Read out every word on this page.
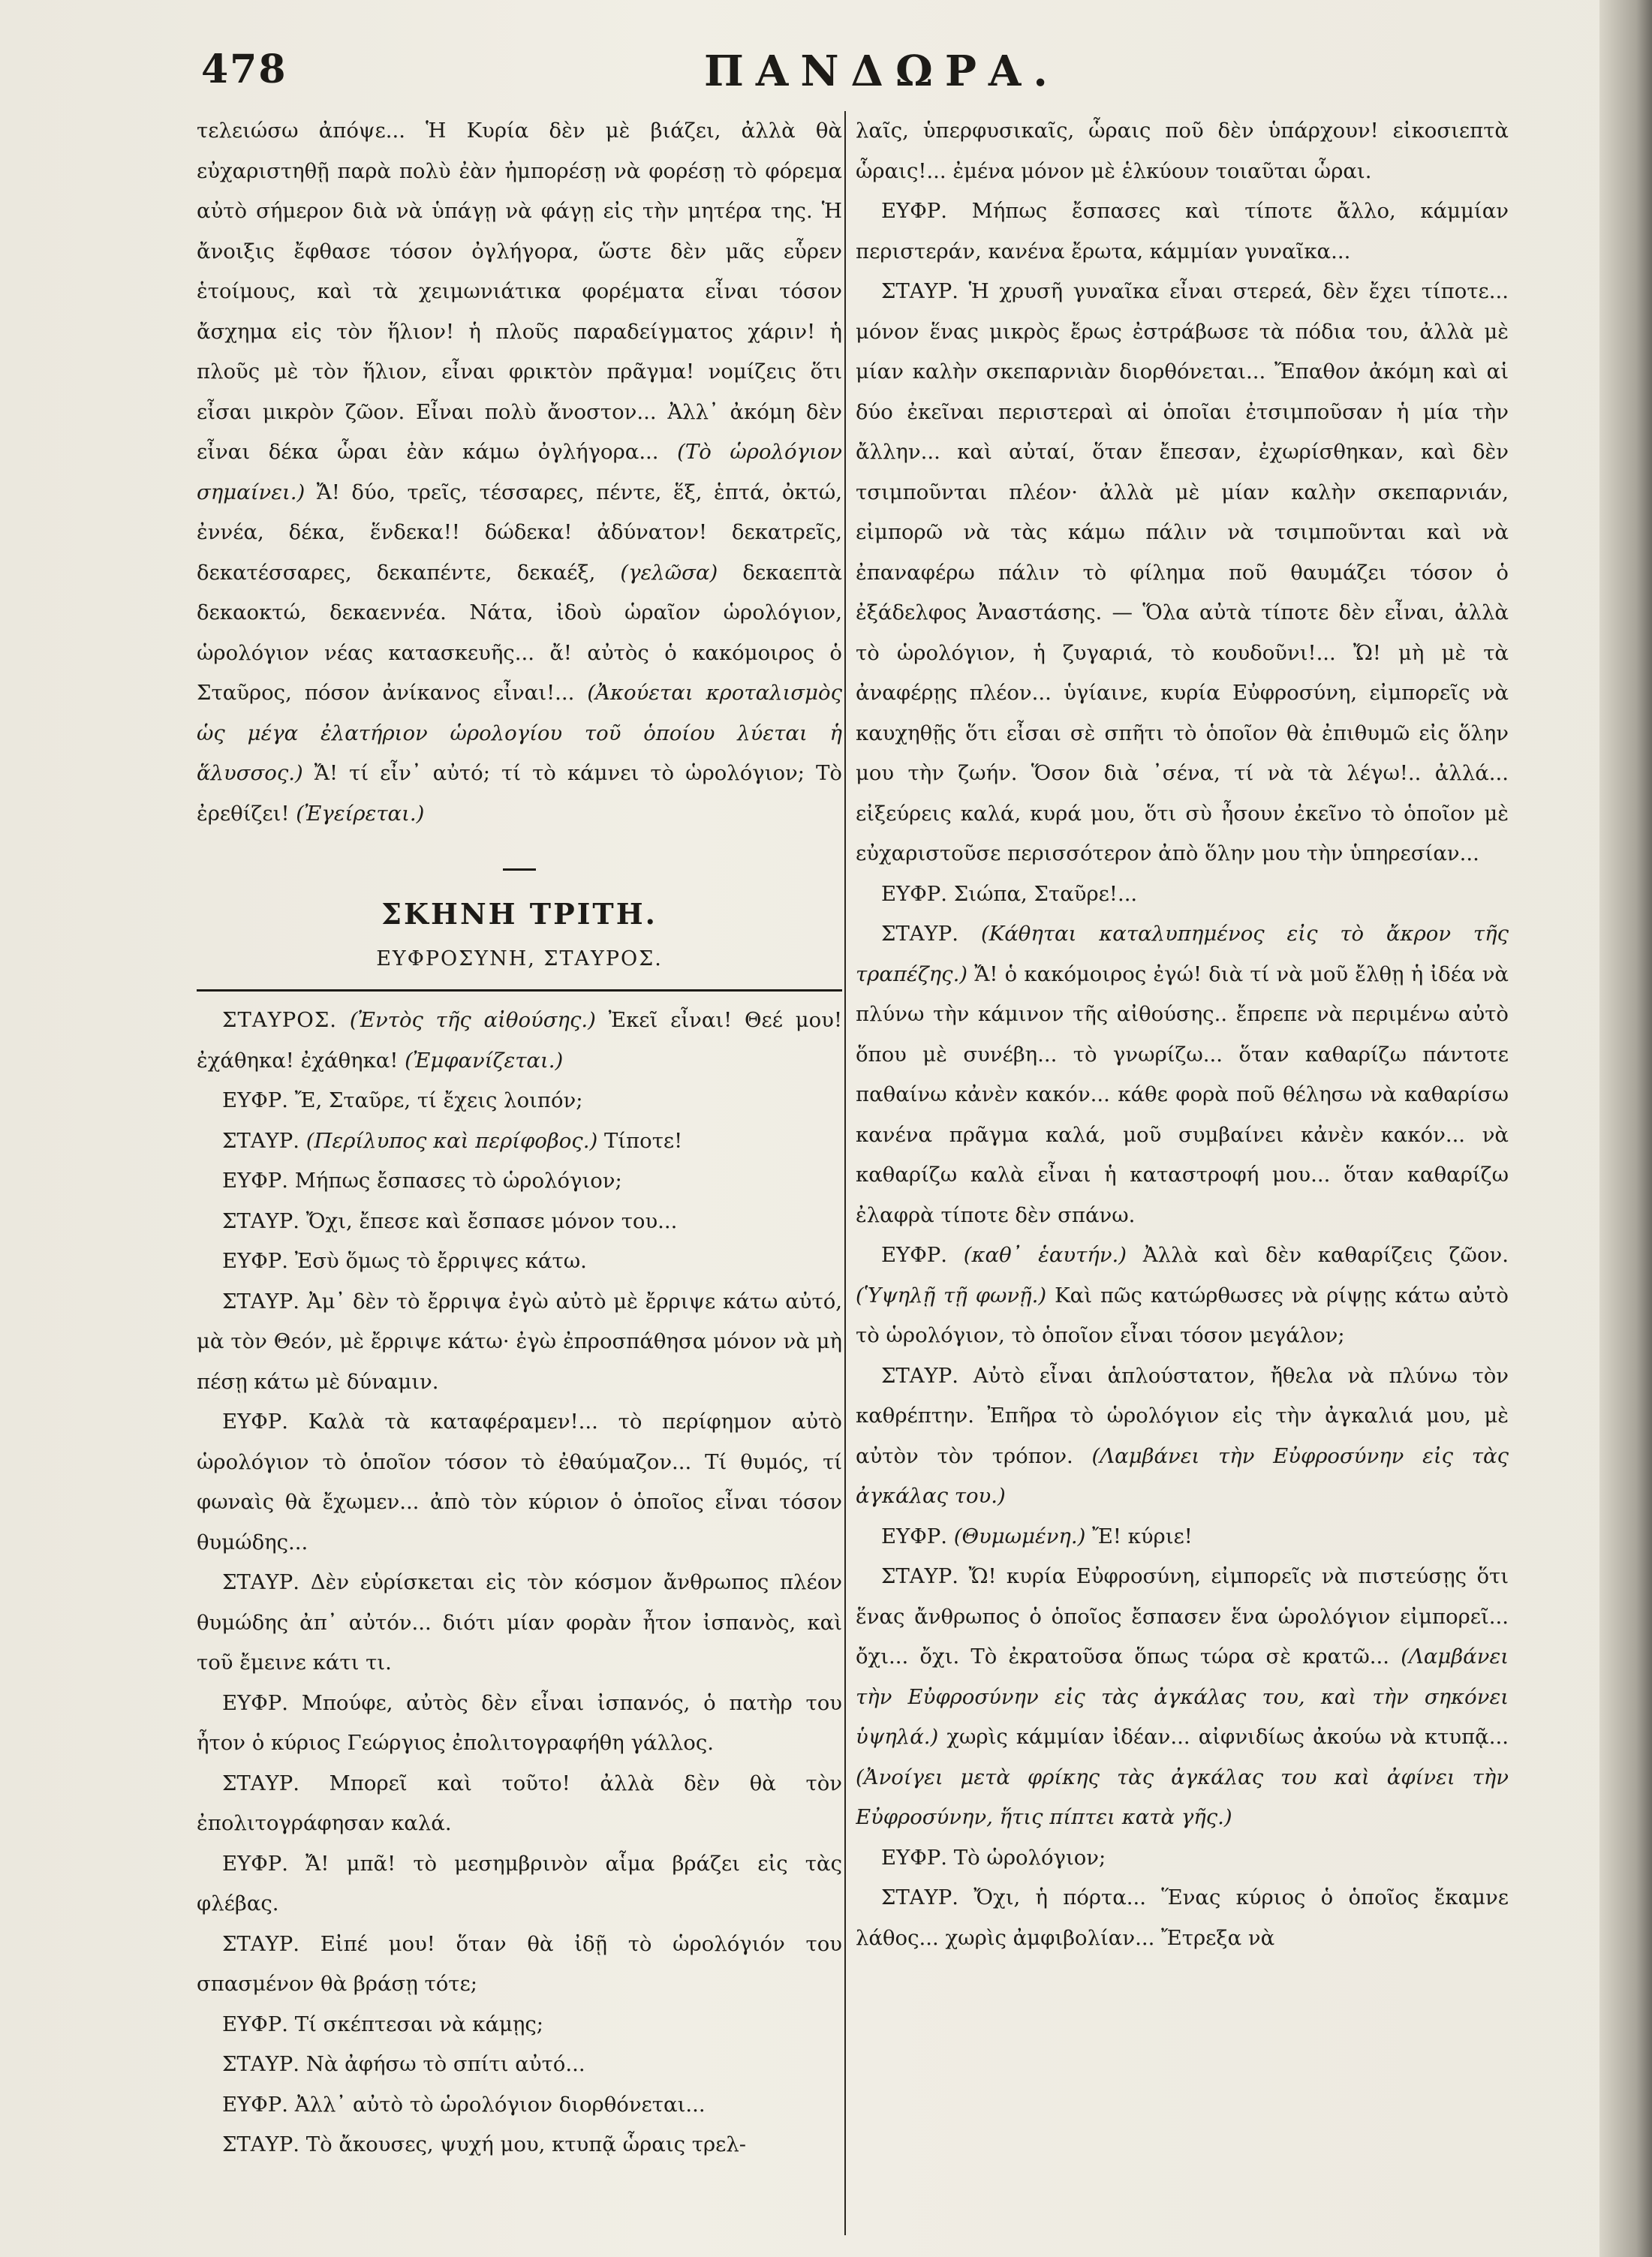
478	ΠΑΝΔΩΡΑ.

τελειώσω ἀπόψε... Ἡ Κυρία δὲν μὲ βιάζει, ἀλλὰ θὰ εὐχαριστηθῇ παρὰ πολὺ ἐὰν ἠμπορέσῃ νὰ φορέσῃ τὸ φόρεμα αὐτὸ σήμερον διὰ νὰ ὑπάγῃ νὰ φάγῃ εἰς τὴν μητέρα της. Ἡ ἄνοιξις ἔφθασε τόσον ὀγλήγορα, ὥστε δὲν μᾶς εὗρεν ἑτοίμους, καὶ τὰ χειμωνιάτικα φορέματα εἶναι τόσον ἄσχημα εἰς τὸν ἥλιον! ἡ πλοῦς παραδείγματος χάριν! ἡ πλοῦς μὲ τὸν ἥλιον, εἶναι φρικτὸν πρᾶγμα! νομίζεις ὅτι εἶσαι μικρὸν ζῶον. Εἶναι πολὺ ἄνοστον... Ἀλλ᾽ ἀκόμη δὲν εἶναι δέκα ὧραι ἐὰν κάμω ὀγλήγορα... (Τὸ ὡρολόγιον σημαίνει.) Ἄ! δύο, τρεῖς, τέσσαρες, πέντε, ἕξ, ἑπτά, ὀκτώ, ἐννέα, δέκα, ἕνδεκα!! δώδεκα! ἀδύνατον! δεκατρεῖς, δεκατέσσαρες, δεκαπέντε, δεκαέξ, (γελῶσα) δεκαεπτὰ δεκαοκτώ, δεκαεννέα. Νάτα, ἰδοὺ ὡραῖον ὡρολόγιον, ὡρολόγιον νέας κατασκευῆς... ἄ! αὐτὸς ὁ κακόμοιρος ὁ Σταῦρος, πόσον ἀνίκανος εἶναι!... (Ἀκούεται κροταλισμὸς ὡς μέγα ἐλατήριον ὡρολογίου τοῦ ὁποίου λύεται ἡ ἅλυσσος.) Ἄ! τί εἶν᾽ αὐτό; τί τὸ κάμνει τὸ ὡρολόγιον; Τὸ ἐρεθίζει! (Ἐγείρεται.)

ΣΚΗΝΗ ΤΡΙΤΗ.
ΕΥΦΡΟΣΥΝΗ, ΣΤΑΥΡΟΣ.

ΣΤΑΥΡΟΣ. (Ἐντὸς τῆς αἰθούσης.) Ἐκεῖ εἶναι! Θεέ μου! ἐχάθηκα! ἐχάθηκα! (Ἐμφανίζεται.)

ΕΥΦΡ. Ἔ, Σταῦρε, τί ἔχεις λοιπόν;

ΣΤΑΥΡ. (Περίλυπος καὶ περίφοβος.) Τίποτε!

ΕΥΦΡ. Μήπως ἔσπασες τὸ ὡρολόγιον;

ΣΤΑΥΡ. Ὄχι, ἔπεσε καὶ ἔσπασε μόνον του...

ΕΥΦΡ. Ἐσὺ ὅμως τὸ ἔρριψες κάτω.

ΣΤΑΥΡ. Ἀμ᾽ δὲν τὸ ἔρριψα ἐγὼ αὐτὸ μὲ ἔρριψε κάτω αὐτό, μὰ τὸν Θεόν, μὲ ἔρριψε κάτω· ἐγὼ ἐπροσπάθησα μόνον νὰ μὴ πέσῃ κάτω μὲ δύναμιν.

ΕΥΦΡ. Καλὰ τὰ καταφέραμεν!... τὸ περίφημον αὐτὸ ὡρολόγιον τὸ ὁποῖον τόσον τὸ ἐθαύμαζον... Τί θυμός, τί φωναὶς θὰ ἔχωμεν... ἀπὸ τὸν κύριον ὁ ὁποῖος εἶναι τόσον θυμώδης...

ΣΤΑΥΡ. Δὲν εὑρίσκεται εἰς τὸν κόσμον ἄνθρωπος πλέον θυμώδης ἀπ᾽ αὐτόν... διότι μίαν φορὰν ἦτον ἰσπανὸς, καὶ τοῦ ἔμεινε κάτι τι.

ΕΥΦΡ. Μπούφε, αὐτὸς δὲν εἶναι ἰσπανός, ὁ πατὴρ του ἦτον ὁ κύριος Γεώργιος ἐπολιτογραφήθη γάλλος.

ΣΤΑΥΡ. Μπορεῖ καὶ τοῦτο! ἀλλὰ δὲν θὰ τὸν ἐπολιτογράφησαν καλά.

ΕΥΦΡ. Ἄ! μπᾶ! τὸ μεσημβρινὸν αἷμα βράζει εἰς τὰς φλέβας.

ΣΤΑΥΡ. Εἰπέ μου! ὅταν θὰ ἰδῇ τὸ ὡρολόγιόν του σπασμένον θὰ βράσῃ τότε;

ΕΥΦΡ. Τί σκέπτεσαι νὰ κάμῃς;

ΣΤΑΥΡ. Νὰ ἀφήσω τὸ σπίτι αὐτό...

ΕΥΦΡ. Ἀλλ᾽ αὐτὸ τὸ ὡρολόγιον διορθόνεται...

ΣΤΑΥΡ. Τὸ ἄκουσες, ψυχή μου, κτυπᾷ ὧραις τρελ-

λαῖς, ὑπερφυσικαῖς, ὧραις ποῦ δὲν ὑπάρχουν! εἰκοσιεπτὰ ὧραις!... ἐμένα μόνον μὲ ἑλκύουν τοιαῦται ὧραι.

ΕΥΦΡ. Μήπως ἔσπασες καὶ τίποτε ἄλλο, κάμμίαν περιστεράν, κανένα ἔρωτα, κάμμίαν γυναῖκα...

ΣΤΑΥΡ. Ἡ χρυσῆ γυναῖκα εἶναι στερεά, δὲν ἔχει τίποτε... μόνον ἕνας μικρὸς ἔρως ἐστράβωσε τὰ πόδια του, ἀλλὰ μὲ μίαν καλὴν σκεπαρνιὰν διορθόνεται... Ἔπαθον ἀκόμη καὶ αἱ δύο ἐκεῖναι περιστεραὶ αἱ ὁποῖαι ἐτσιμποῦσαν ἡ μία τὴν ἄλλην... καὶ αὐταί, ὅταν ἔπεσαν, ἐχωρίσθηκαν, καὶ δὲν τσιμποῦνται πλέον· ἀλλὰ μὲ μίαν καλὴν σκεπαρνιάν, εἰμπορῶ νὰ τὰς κάμω πάλιν νὰ τσιμποῦνται καὶ νὰ ἐπαναφέρω πάλιν τὸ φίλημα ποῦ θαυμάζει τόσον ὁ ἐξάδελφος Ἀναστάσης. — Ὅλα αὐτὰ τίποτε δὲν εἶναι, ἀλλὰ τὸ ὡρολόγιον, ἡ ζυγαριά, τὸ κουδοῦνι!... Ὤ! μὴ μὲ τὰ ἀναφέρῃς πλέον... ὑγίαινε, κυρία Εὐφροσύνη, εἰμπορεῖς νὰ καυχηθῇς ὅτι εἶσαι σὲ σπῆτι τὸ ὁποῖον θὰ ἐπιθυμῶ εἰς ὅλην μου τὴν ζωήν. Ὅσον διὰ ᾽σένα, τί νὰ τὰ λέγω!.. ἀλλά... εἰξεύρεις καλά, κυρά μου, ὅτι σὺ ἦσουν ἐκεῖνο τὸ ὁποῖον μὲ εὐχαριστοῦσε περισσότερον ἀπὸ ὅλην μου τὴν ὑπηρεσίαν...

ΕΥΦΡ. Σιώπα, Σταῦρε!...

ΣΤΑΥΡ. (Κάθηται καταλυπημένος εἰς τὸ ἄκρον τῆς τραπέζης.) Ἄ! ὁ κακόμοιρος ἐγώ! διὰ τί νὰ μοῦ ἔλθῃ ἡ ἰδέα νὰ πλύνω τὴν κάμινον τῆς αἰθούσης.. ἔπρεπε νὰ περιμένω αὐτὸ ὅπου μὲ συνέβη... τὸ γνωρίζω... ὅταν καθαρίζω πάντοτε παθαίνω κἀνὲν κακόν... κάθε φορὰ ποῦ θέλησω νὰ καθαρίσω κανένα πρᾶγμα καλά, μοῦ συμβαίνει κἀνὲν κακόν... νὰ καθαρίζω καλὰ εἶναι ἡ καταστροφή μου... ὅταν καθαρίζω ἐλαφρὰ τίποτε δὲν σπάνω.

ΕΥΦΡ. (καθ᾽ ἑαυτήν.) Ἀλλὰ καὶ δὲν καθαρίζεις ζῶον. (Ὑψηλῇ τῇ φωνῇ.) Καὶ πῶς κατώρθωσες νὰ ρίψῃς κάτω αὐτὸ τὸ ὡρολόγιον, τὸ ὁποῖον εἶναι τόσον μεγάλον;

ΣΤΑΥΡ. Αὐτὸ εἶναι ἁπλούστατον, ἤθελα νὰ πλύνω τὸν καθρέπτην. Ἐπῆρα τὸ ὡρολόγιον εἰς τὴν ἀγκαλιά μου, μὲ αὐτὸν τὸν τρόπον. (Λαμβάνει τὴν Εὐφροσύνην εἰς τὰς ἀγκάλας του.)

ΕΥΦΡ. (Θυμωμένη.) Ἔ! κύριε!

ΣΤΑΥΡ. Ὤ! κυρία Εὐφροσύνη, εἰμπορεῖς νὰ πιστεύσῃς ὅτι ἕνας ἄνθρωπος ὁ ὁποῖος ἔσπασεν ἕνα ὡρολόγιον εἰμπορεῖ... ὄχι... ὄχι. Τὸ ἐκρατοῦσα ὅπως τώρα σὲ κρατῶ... (Λαμβάνει τὴν Εὐφροσύνην εἰς τὰς ἀγκάλας του, καὶ τὴν σηκόνει ὑψηλά.) χωρὶς κάμμίαν ἰδέαν... αἰφνιδίως ἀκούω νὰ κτυπᾷ... (Ἀνοίγει μετὰ φρίκης τὰς ἀγκάλας του καὶ ἀφίνει τὴν Εὐφροσύνην, ἥτις πίπτει κατὰ γῆς.)

ΕΥΦΡ. Τὸ ὡρολόγιον;

ΣΤΑΥΡ. Ὄχι, ἡ πόρτα... Ἕνας κύριος ὁ ὁποῖος ἔκαμνε λάθος... χωρὶς ἀμφιβολίαν... Ἔτρεξα νὰ
